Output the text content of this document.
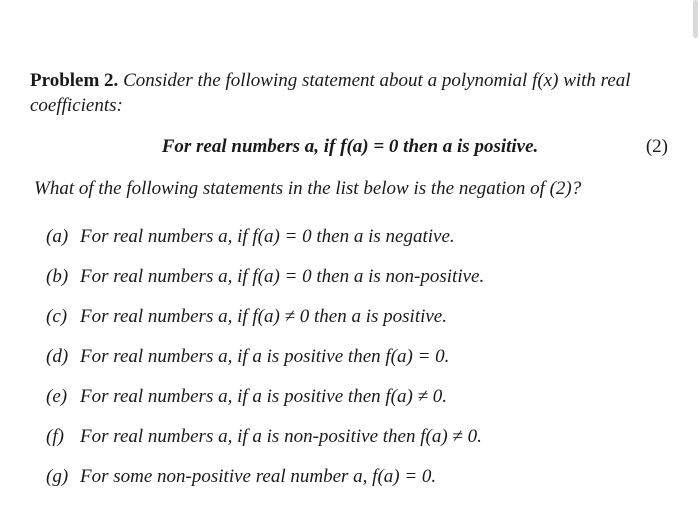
Problem 2. Consider the following statement about a polynomial f(x) with real coefficients:
For real numbers a, if f(a) = 0 then a is positive.	(2)
What of the following statements in the list below is the negation of (2)?
(a) For real numbers a, if f(a) = 0 then a is negative.
(b) For real numbers a, if f(a) = 0 then a is non-positive.
(c) For real numbers a, if f(a) ≠ 0 then a is positive.
(d) For real numbers a, if a is positive then f(a) = 0.
(e) For real numbers a, if a is positive then f(a) ≠ 0.
(f) For real numbers a, if a is non-positive then f(a) ≠ 0.
(g) For some non-positive real number a, f(a) = 0.
